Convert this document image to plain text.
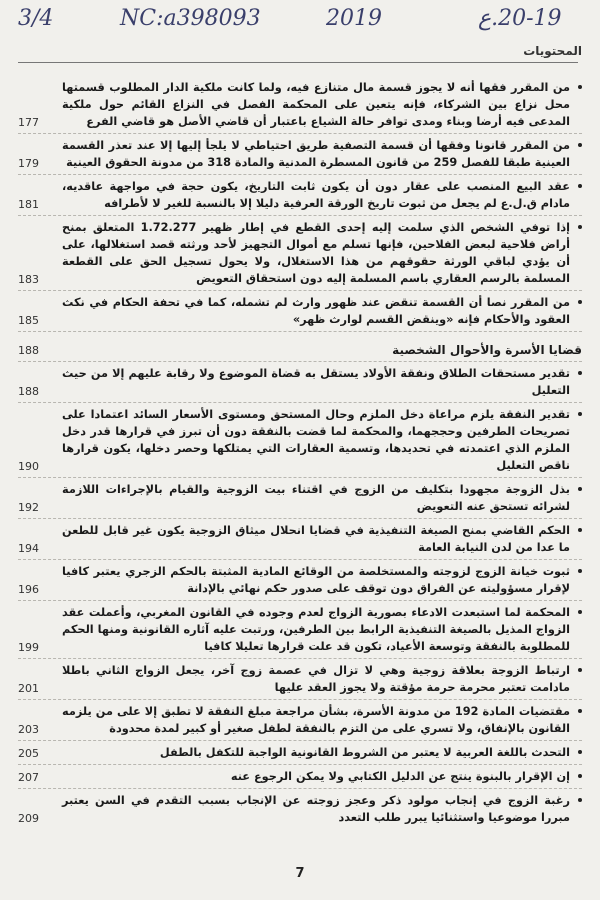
3/4	NC:a398093	2019	20-19.ع
المحتويات
من المقرر فقها أنه لا يجوز قسمة مال متنازع فيه، ولما كانت ملكية الدار المطلوب قسمتها محل نزاع بين الشركاء، فإنه يتعين على المحكمة الفصل في النزاع القائم حول ملكية المدعى فيه أرضا وبناء ومدى توافر حالة الشياع باعتبار أن قاضي الأصل هو قاضي الفرع
177
من المقرر قانونا وفقها أن قسمة التصفية طريق احتياطي لا يلجأ إليها إلا عند تعذر القسمة العينية طبقا للفصل 259 من قانون المسطرة المدنية والمادة 318 من مدونة الحقوق العينية
179
عقد البيع المنصب على عقار دون أن يكون ثابت التاريخ، يكون حجة في مواجهة عاقديه، مادام ق.ل.ع لم يجعل من ثبوت تاريخ الورقة العرفية دليلا إلا بالنسبة للغير لا لأطرافه
181
إذا توفي الشخص الذي سلمت إليه إحدى القطع في إطار ظهير 1.72.277 المتعلق بمنح أراض فلاحية لبعض الفلاحين، فإنها تسلم مع أموال التجهيز لأحد ورثته قصد استغلالها، على أن يؤدي لباقي الورثة حقوقهم من هذا الاستغلال، ولا يحول تسجيل الحق على القطعة المسلمة بالرسم العقاري باسم المسلمة إليه دون استحقاق التعويض
183
من المقرر نصا أن القسمة تنقض عند ظهور وارث لم تشمله، كما في تحفة الحكام في نكث العقود والأحكام فإنه «وينقض القسم لوارث ظهر»
185
قضايا الأسرة والأحوال الشخصية
188
تقدير مستحقات الطلاق ونفقة الأولاد يستقل به قضاة الموضوع ولا رقابة عليهم إلا من حيث التعليل
188
تقدير النفقة يلزم مراعاة دخل الملزم وحال المستحق ومستوى الأسعار السائد اعتمادا على تصريحات الطرفين وحججهما، والمحكمة لما قضت بالنفقة دون أن تبرز في قرارها قدر دخل الملزم الذي اعتمدته في تحديدها، وتسمية العقارات التي يمتلكها وحصر دخلها، يكون قرارها ناقص التعليل
190
بذل الزوجة مجهودا بتكليف من الزوج في اقتناء بيت الزوجية والقيام بالإجراءات اللازمة لشرائه تستحق عنه التعويض
192
الحكم القاضي بمنح الصيغة التنفيذية في قضايا انحلال ميثاق الزوجية يكون غير قابل للطعن ما عدا من لدن النيابة العامة
194
ثبوت خيانة الزوج لزوجته والمستخلصة من الوقائع المادية المثبتة بالحكم الزجري يعتبر كافيا لإقرار مسؤوليته عن الفراق دون توقف على صدور حكم نهائي بالإدانة
196
المحكمة لما استبعدت الادعاء بصورية الزواج لعدم وجوده في القانون المغربي، وأعملت عقد الزواج المذيل بالصيغة التنفيذية الرابط بين الطرفين، ورتبت عليه آثاره القانونية ومنها الحكم للمطلوبة بالنفقة وتوسعة الأعياد، تكون قد علت قرارها تعليلا كافيا
199
ارتباط الزوجة بعلاقة زوجية وهي لا تزال في عصمة زوج آخر، يجعل الزواج الثاني باطلا مادامت تعتبر محرمة حرمة مؤقتة ولا يجوز العقد عليها
201
مقتضيات المادة 192 من مدونة الأسرة، بشأن مراجعة مبلغ النفقة لا تطبق إلا على من يلزمه القانون بالإنفاق، ولا تسري على من التزم بالنفقة لطفل صغير أو كبير لمدة محدودة
203
التحدث باللغة العربية لا يعتبر من الشروط القانونية الواجبة للتكفل بالطفل
205
إن الإقرار بالبنوة ينتج عن الدليل الكتابي ولا يمكن الرجوع عنه
207
رغبة الزوج في إنجاب مولود ذكر وعجز زوجته عن الإنجاب بسبب التقدم في السن يعتبر مبررا موضوعيا واستثنائيا يبرر طلب التعدد
209
7
